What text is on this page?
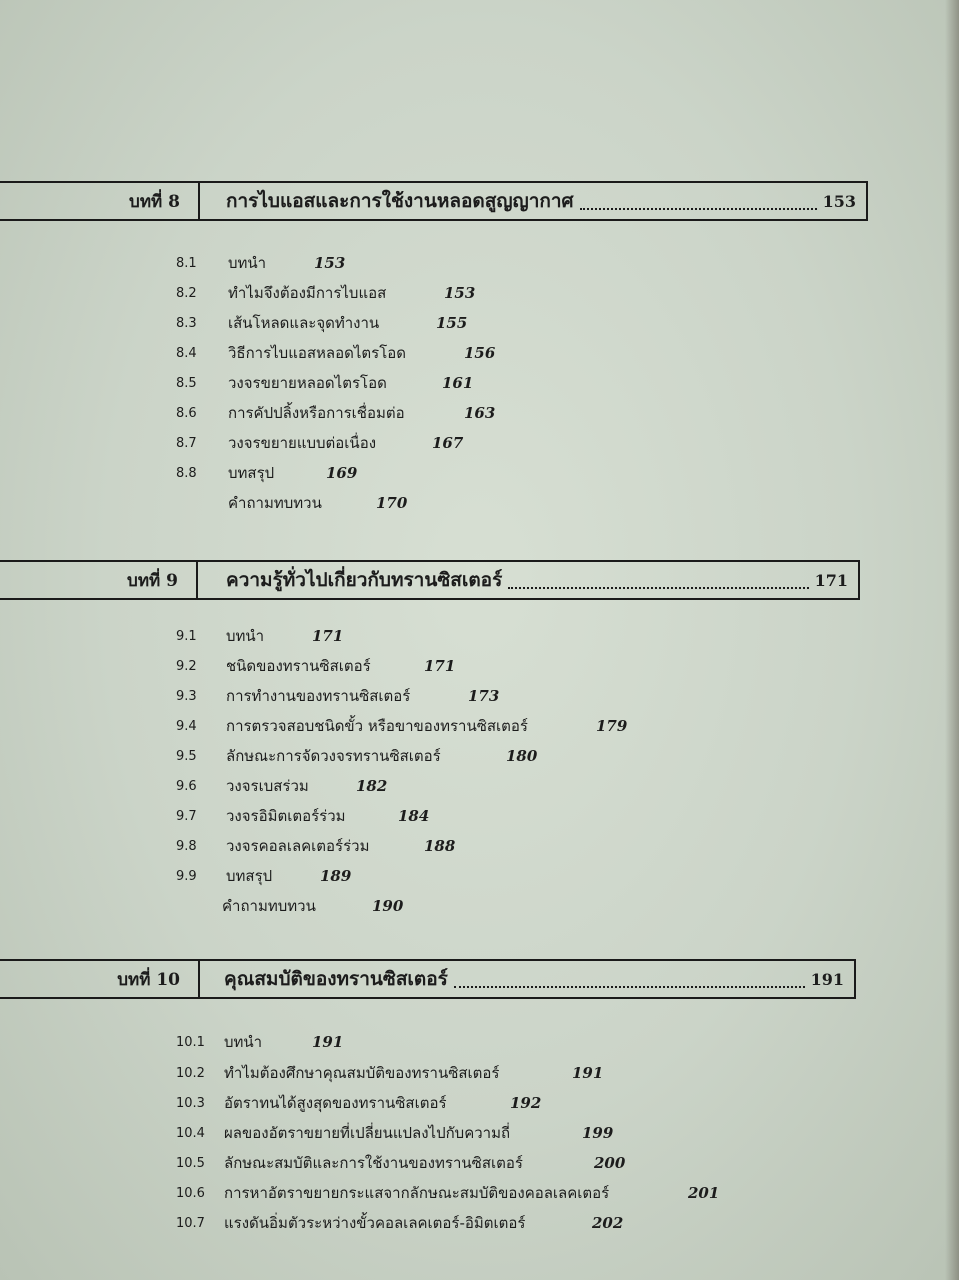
บทที่ 8	การไบแอสและการใช้งานหลอดสูญญากาศ	153
8.1 บทนำ	153
8.2 ทำไมจึงต้องมีการไบแอส	153
8.3 เส้นโหลดและจุดทำงาน	155
8.4 วิธีการไบแอสหลอดไตรโอด	156
8.5 วงจรขยายหลอดไตรโอด	161
8.6 การคัปปลิ้งหรือการเชื่อมต่อ	163
8.7 วงจรขยายแบบต่อเนื่อง	167
8.8 บทสรุป	169
คำถามทบทวน	170
บทที่ 9	ความรู้ทั่วไปเกี่ยวกับทรานซิสเตอร์	171
9.1 บทนำ	171
9.2 ชนิดของทรานซิสเตอร์	171
9.3 การทำงานของทรานซิสเตอร์	173
9.4 การตรวจสอบชนิดขั้ว หรือขาของทรานซิสเตอร์	179
9.5 ลักษณะการจัดวงจรทรานซิสเตอร์	180
9.6 วงจรเบสร่วม	182
9.7 วงจรอิมิตเตอร์ร่วม	184
9.8 วงจรคอลเลคเตอร์ร่วม	188
9.9 บทสรุป	189
คำถามทบทวน	190
บทที่ 10	คุณสมบัติของทรานซิสเตอร์	191
10.1 บทนำ	191
10.2 ทำไมต้องศึกษาคุณสมบัติของทรานซิสเตอร์	191
10.3 อัตราทนได้สูงสุดของทรานซิสเตอร์	192
10.4 ผลของอัตราขยายที่เปลี่ยนแปลงไปกับความถี่	199
10.5 ลักษณะสมบัติและการใช้งานของทรานซิสเตอร์	200
10.6 การหาอัตราขยายกระแสจากลักษณะสมบัติของคอลเลคเตอร์	201
10.7 แรงดันอิ่มตัวระหว่างขั้วคอลเลคเตอร์-อิมิตเตอร์	202
